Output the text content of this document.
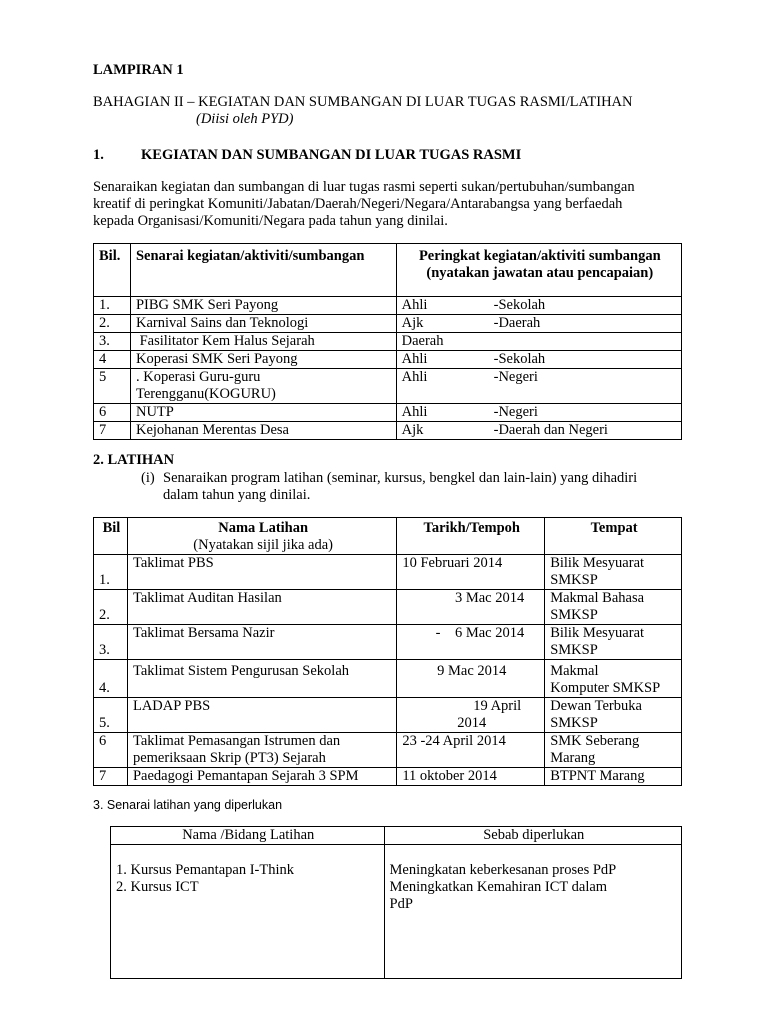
LAMPIRAN 1
BAHAGIAN II – KEGIATAN DAN SUMBANGAN DI LUAR TUGAS RASMI/LATIHAN
(Diisi oleh PYD)
1.	KEGIATAN DAN SUMBANGAN DI LUAR TUGAS RASMI
Senaraikan kegiatan dan sumbangan di luar tugas rasmi seperti sukan/pertubuhan/sumbangan
kreatif di peringkat Komuniti/Jabatan/Daerah/Negeri/Negara/Antarabangsa yang berfaedah
kepada Organisasi/Komuniti/Negara pada tahun yang dinilai.
Bil.	Senarai kegiatan/aktiviti/sumbangan	Peringkat kegiatan/aktiviti sumbangan
(nyatakan jawatan atau pencapaian)

1.	PIBG SMK Seri Payong	Ahli -Sekolah

2.	Karnival Sains dan Teknologi	Ajk -Daerah

3.	Fasilitator Kem Halus Sejarah	Daerah

4	Koperasi SMK Seri Payong	Ahli -Sekolah

5	. Koperasi Guru-guru
Terengganu(KOGURU)	Ahli -Negeri

6	NUTP	Ahli -Negeri

7	Kejohanan Merentas Desa	Ajk -Daerah dan Negeri
2. LATIHAN
(i) Senaraikan program latihan (seminar, kursus, bengkel dan lain-lain) yang dihadiri
dalam tahun yang dinilai.
Bil	Nama Latihan
(Nyatakan sijil jika ada)	Tarikh/Tempoh	Tempat
1.	Taklimat PBS	10 Februari 2014	Bilik Mesyuarat
SMKSP

2.	Taklimat Auditan Hasilan	3 Mac 2014	Makmal Bahasa
SMKSP

3.	Taklimat Bersama Nazir	-    6 Mac 2014	Bilik Mesyuarat
SMKSP

4.	Taklimat Sistem Pengurusan Sekolah	9 Mac 2014	Makmal
Komputer SMKSP

5.	LADAP PBS	19 April
2014	Dewan Terbuka
SMKSP

6	Taklimat Pemasangan Istrumen dan
pemeriksaan Skrip (PT3) Sejarah	23 -24 April 2014	SMK Seberang
Marang

7	Paedagogi Pemantapan Sejarah 3 SPM	11 oktober 2014	BTPNT Marang
3. Senarai latihan yang diperlukan
Nama /Bidang Latihan	Sebab diperlukan

1. Kursus Pemantapan I-Think
2. Kursus ICT	Meningkatan keberkesanan proses PdP
Meningkatkan Kemahiran ICT dalam
PdP
